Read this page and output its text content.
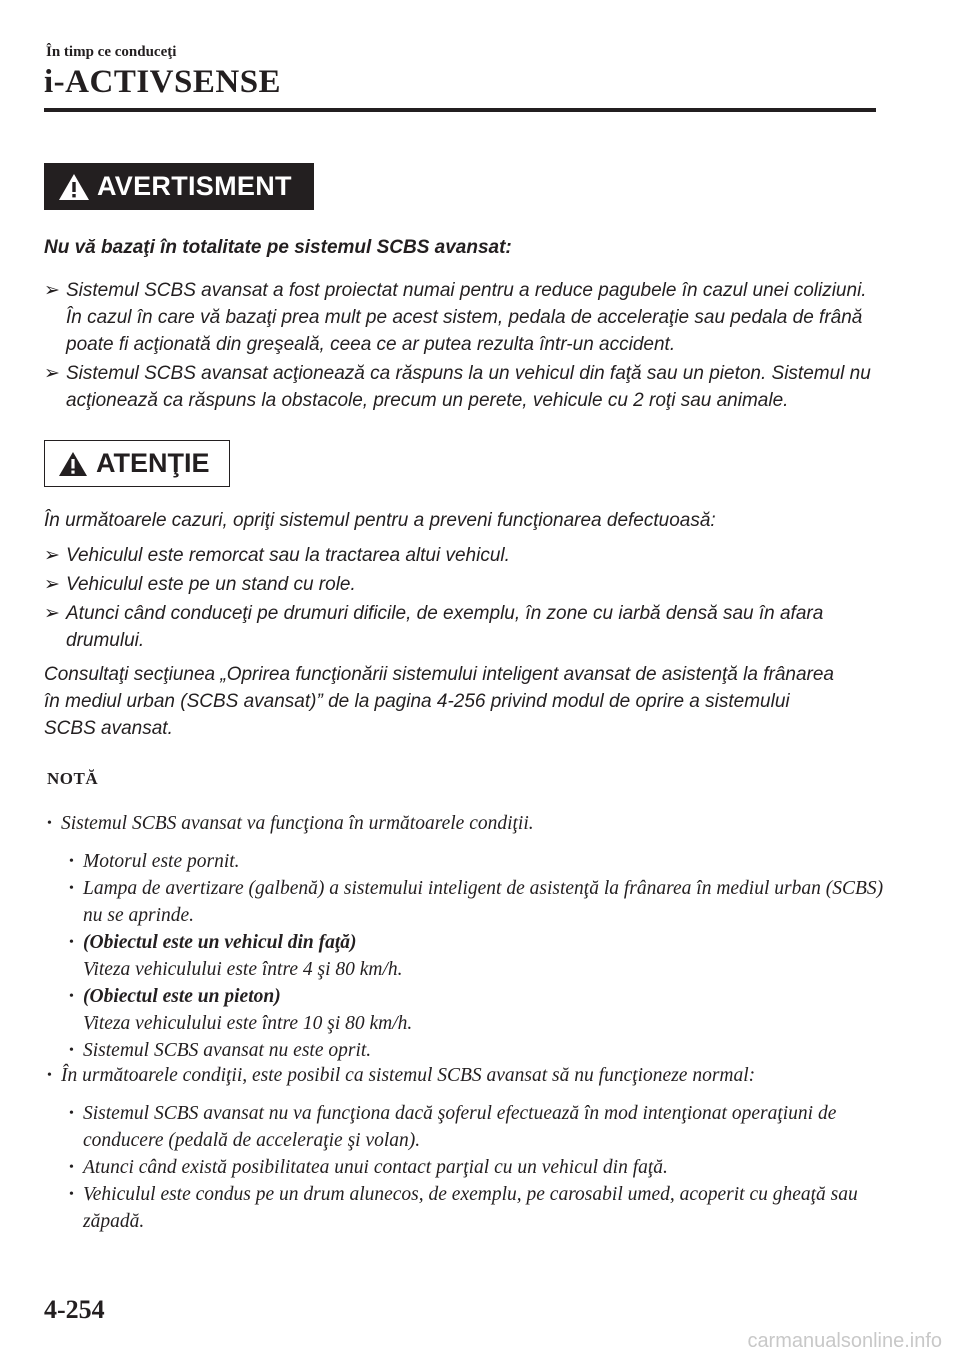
În timp ce conduceţi
i-ACTIVSENSE
AVERTISMENT
Nu vă bazaţi în totalitate pe sistemul SCBS avansat:
➢ Sistemul SCBS avansat a fost proiectat numai pentru a reduce pagubele în cazul unei coliziuni. În cazul în care vă bazaţi prea mult pe acest sistem, pedala de acceleraţie sau pedala de frână poate ﬁ acţionată din greşeală, ceea ce ar putea rezulta într-un accident.
➢ Sistemul SCBS avansat acţionează ca răspuns la un vehicul din faţă sau un pieton. Sistemul nu acţionează ca răspuns la obstacole, precum un perete, vehicule cu 2 roţi sau animale.
ATENŢIE
În următoarele cazuri, opriţi sistemul pentru a preveni funcţionarea defectuoasă:
➢ Vehiculul este remorcat sau la tractarea altui vehicul.
➢ Vehiculul este pe un stand cu role.
➢ Atunci când conduceţi pe drumuri diﬁcile, de exemplu, în zone cu iarbă densă sau în afara drumului.
Consultaţi secţiunea „Oprirea funcţionării sistemului inteligent avansat de asistenţă la frânarea în mediul urban (SCBS avansat)” de la pagina 4-256 privind modul de oprire a sistemului SCBS avansat.
NOTĂ
• Sistemul SCBS avansat va funcţiona în următoarele condiţii.
• Motorul este pornit.
• Lampa de avertizare (galbenă) a sistemului inteligent de asistenţă la frânarea în mediul urban (SCBS) nu se aprinde.
• (Obiectul este un vehicul din faţă)
Viteza vehiculului este între 4 şi 80 km/h.
• (Obiectul este un pieton)
Viteza vehiculului este între 10 şi 80 km/h.
• Sistemul SCBS avansat nu este oprit.
• În următoarele condiţii, este posibil ca sistemul SCBS avansat să nu funcţioneze normal:
• Sistemul SCBS avansat nu va funcţiona dacă şoferul efectuează în mod intenţionat operaţiuni de conducere (pedală de acceleraţie şi volan).
• Atunci când există posibilitatea unui contact parţial cu un vehicul din faţă.
• Vehiculul este condus pe un drum alunecos, de exemplu, pe carosabil umed, acoperit cu gheaţă sau zăpadă.
4-254
carmanualsonline.info
